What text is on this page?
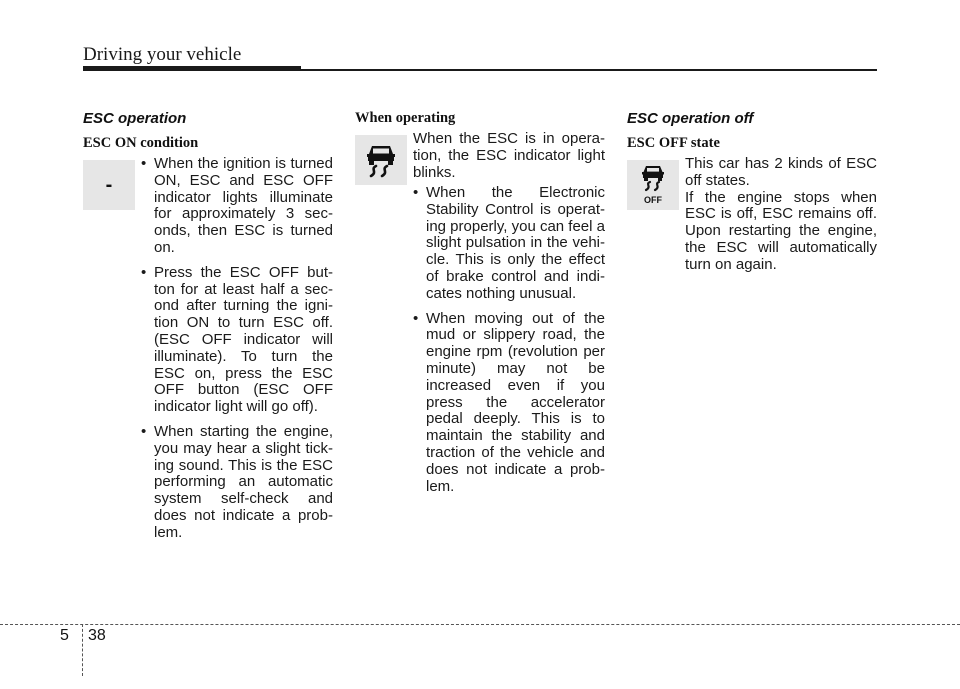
Driving your vehicle
ESC operation
ESC ON condition
-
• When the ignition is turned ON, ESC and ESC OFF indicator lights illuminate for approximately 3 sec- onds, then ESC is turned on.
• Press the ESC OFF but- ton for at least half a sec- ond after turning the igni- tion ON to turn ESC off. (ESC OFF indicator will illuminate). To turn the ESC on, press the ESC OFF button (ESC OFF indicator light will go off).
• When starting the engine, you may hear a slight tick- ing sound. This is the ESC performing an automatic system self-check and does not indicate a prob- lem.
When operating

When the ESC is in opera- tion, the ESC indicator light blinks.

• When the Electronic Stability Control is operat- ing properly, you can feel a slight pulsation in the vehi- cle. This is only the effect of brake control and indi- cates nothing unusual.
• When moving out of the mud or slippery road, the engine rpm (revolution per minute) may not be increased even if you press the accelerator pedal deeply. This is to maintain the stability and traction of the vehicle and does not indicate a prob- lem.
ESC operation off
ESC OFF state
OFF

This car has 2 kinds of ESC off states.

If the engine stops when ESC is off, ESC remains off. Upon restarting the engine, the ESC will automatically turn on again.

5 38
